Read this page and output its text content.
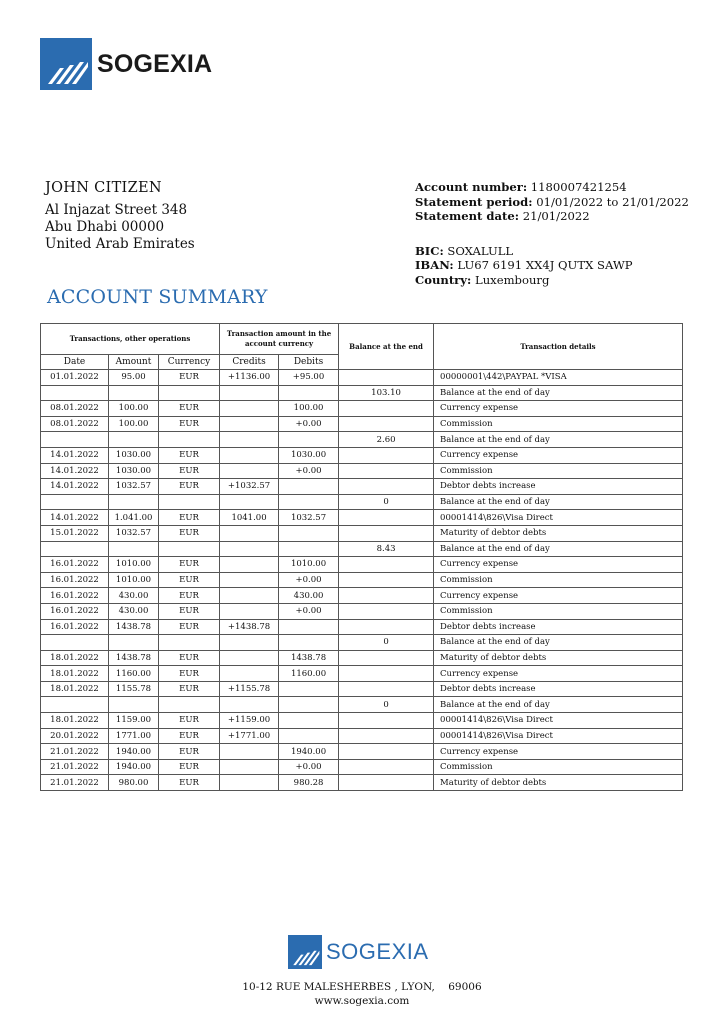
SOGEXIA
JOHN CITIZEN
Al Injazat Street 348
Abu Dhabi 00000
United Arab Emirates
Account number: 1180007421254
Statement period: 01/01/2022 to 21/01/2022
Statement date: 21/01/2022
BIC: SOXALULL
IBAN: LU67 6191 XX4J QUTX SAWP
Country: Luxembourg
ACCOUNT SUMMARY
Transactions, other operations			Transaction amount in the account currency		Balance at the end	Transaction details
Date	Amount	Currency	Credits	Debits		
01.01.2022	95.00	EUR	+1136.00	+95.00		00000001\442\PAYPAL *VISA
					103.10	Balance at the end of day
08.01.2022	100.00	EUR		100.00		Currency expense
08.01.2022	100.00	EUR		+0.00		Commission
					2.60	Balance at the end of day
14.01.2022	1030.00	EUR		1030.00		Currency expense
14.01.2022	1030.00	EUR		+0.00		Commission
14.01.2022	1032.57	EUR	+1032.57			Debtor debts increase
					0	Balance at the end of day
14.01.2022	1.041.00	EUR	1041.00	1032.57		00001414\826\Visa Direct
15.01.2022	1032.57	EUR				Maturity of debtor debts
					8.43	Balance at the end of day
16.01.2022	1010.00	EUR		1010.00		Currency expense
16.01.2022	1010.00	EUR		+0.00		Commission
16.01.2022	430.00	EUR		430.00		Currency expense
16.01.2022	430.00	EUR		+0.00		Commission
16.01.2022	1438.78	EUR	+1438.78			Debtor debts increase
					0	Balance at the end of day
18.01.2022	1438.78	EUR		1438.78		Maturity of debtor debts
18.01.2022	1160.00	EUR		1160.00		Currency expense
18.01.2022	1155.78	EUR	+1155.78			Debtor debts increase
					0	Balance at the end of day
18.01.2022	1159.00	EUR	+1159.00			00001414\826\Visa Direct
20.01.2022	1771.00	EUR	+1771.00			00001414\826\Visa Direct
21.01.2022	1940.00	EUR		1940.00		Currency expense
21.01.2022	1940.00	EUR		+0.00		Commission
21.01.2022	980.00	EUR		980.28		Maturity of debtor debts
SOGEXIA
10-12 RUE MALESHERBES , LYON,    69006
www.sogexia.com
